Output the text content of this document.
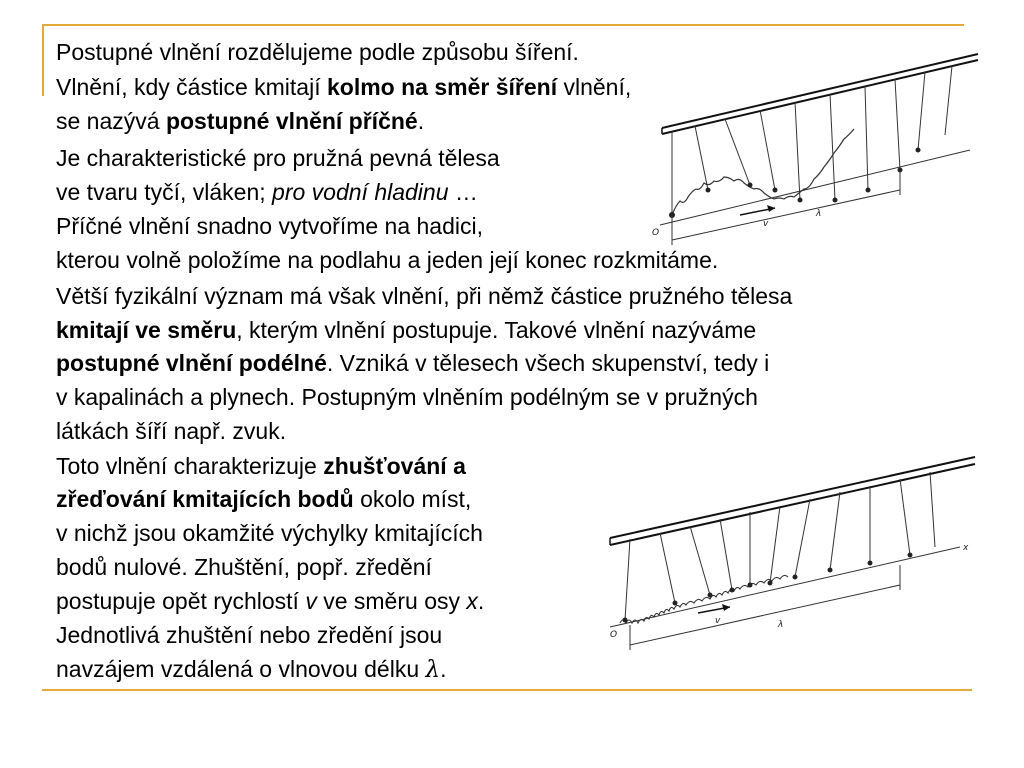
O
v
λ
x
O
v	λ

Postupné vlnění rozdělujeme podle způsobu šíření.

Vlnění, kdy částice kmitají kolmo na směr šíření vlnění,

se nazývá postupné vlnění příčné.

Je charakteristické pro pružná pevná tělesa

ve tvaru tyčí, vláken; pro vodní hladinu …

Příčné vlnění snadno vytvoříme na hadici,

kterou volně položíme na podlahu a jeden její konec rozkmitáme.

Větší fyzikální význam má však vlnění, při němž částice pružného tělesa

kmitají ve směru, kterým vlnění postupuje. Takové vlnění nazýváme

postupné vlnění podélné. Vzniká v tělesech všech skupenství, tedy i

v kapalinách a plynech. Postupným vlněním podélným se v pružných

látkách šíří např. zvuk.

Toto vlnění charakterizuje zhušťování a

zřeďování kmitajících bodů okolo míst,

v nichž jsou okamžité výchylky kmitajících

bodů nulové. Zhuštění, popř. zředění

postupuje opět rychlostí v ve směru osy x.

Jednotlivá zhuštění nebo zředění jsou

navzájem vzdálená o vlnovou délku λ.
